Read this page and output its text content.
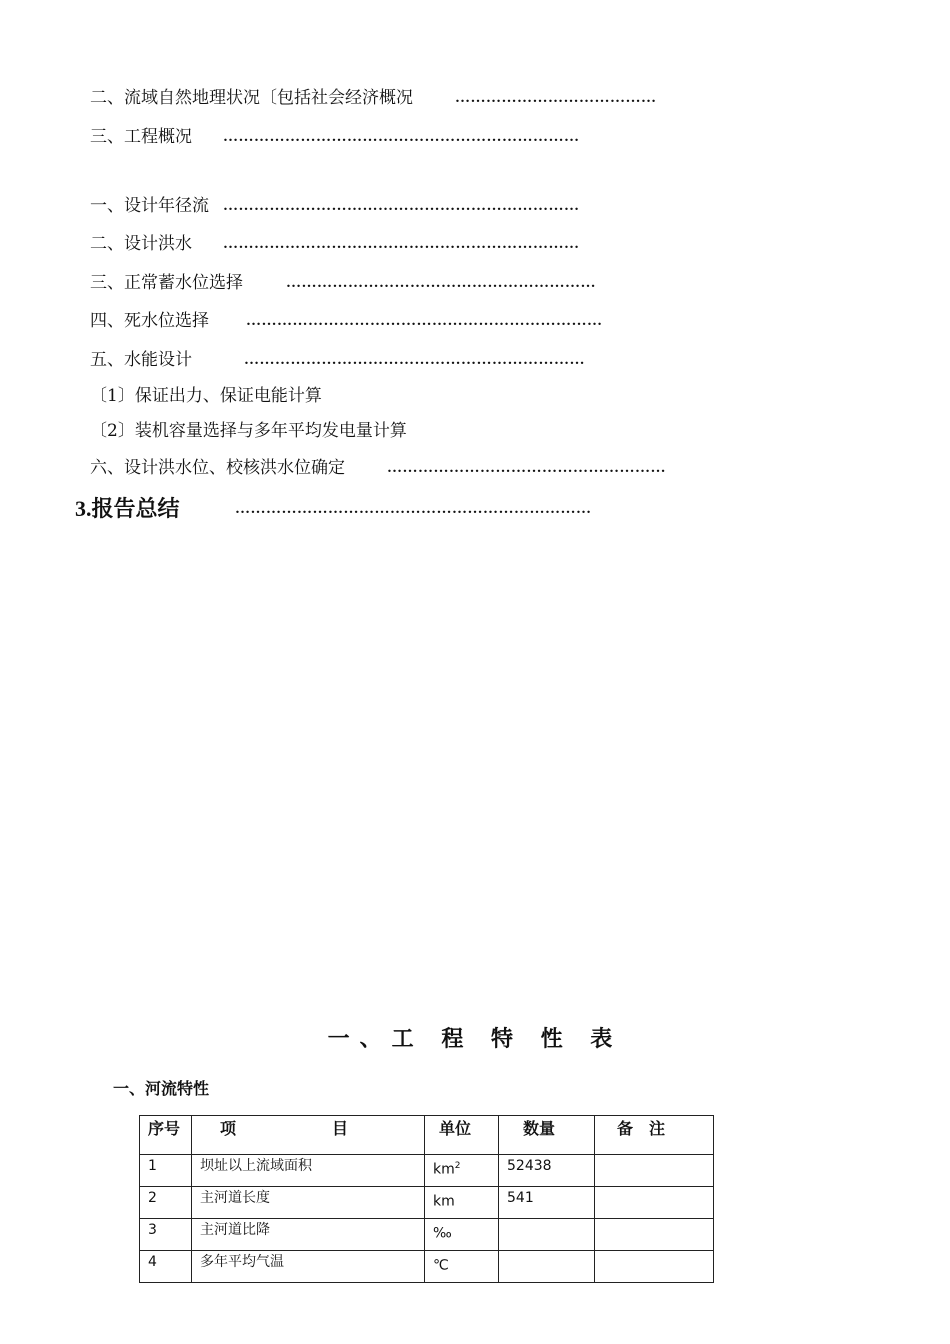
二、流域自然地理状况〔包括社会经济概况	…………………………………
三、工程概况 ……………………………………………………………
一、设计年径流 ……………………………………………………………
二、设计洪水 ……………………………………………………………
三、正常蓄水位选择	……………………………………………………
四、死水位选择 ……………………………………………………………
五、水能设计	…………………………………………………………
〔1〕保证出力、保证电能计算
〔2〕装机容量选择与多年平均发电量计算
六、设计洪水位、校核洪水位确定	………………………………………………
3.报告总结	……………………………………………………………
一、工 程 特 性 表
一、河流特性
序号	项　　　　　　目	单位	数量	备　注
1	坝址以上流域面积	$km^2$	52438	
2	主河道长度	km	541	
3	主河道比降	‰		
4	多年平均气温	℃		
